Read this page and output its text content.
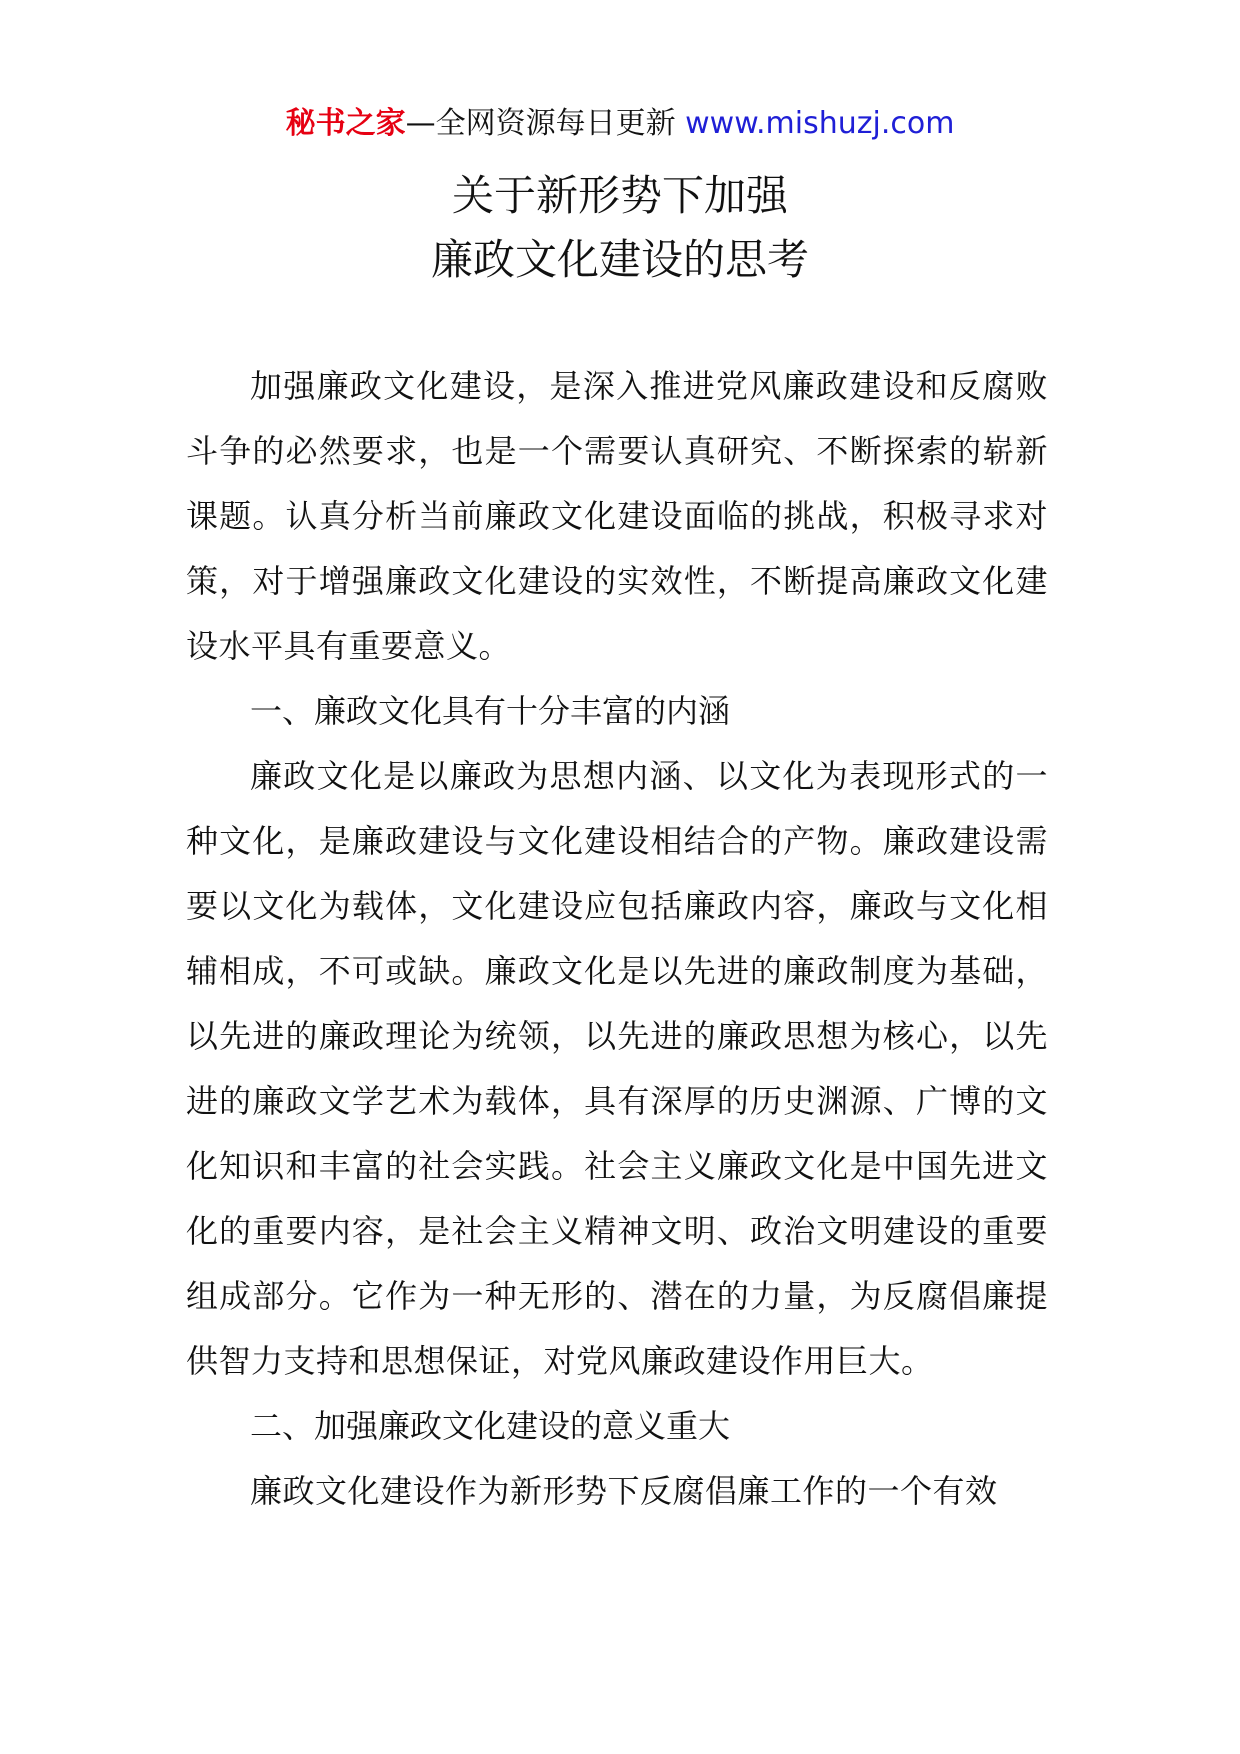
秘书之家—全网资源每日更新 www.mishuzj.com
关于新形势下加强
廉政文化建设的思考

加强廉政文化建设，是深入推进党风廉政建设和反腐败斗争的必然要求，也是一个需要认真研究、不断探索的崭新课题。认真分析当前廉政文化建设面临的挑战，积极寻求对策，对于增强廉政文化建设的实效性，不断提高廉政文化建设水平具有重要意义。

一、廉政文化具有十分丰富的内涵

廉政文化是以廉政为思想内涵、以文化为表现形式的一种文化，是廉政建设与文化建设相结合的产物。廉政建设需要以文化为载体，文化建设应包括廉政内容，廉政与文化相辅相成，不可或缺。廉政文化是以先进的廉政制度为基础，以先进的廉政理论为统领，以先进的廉政思想为核心，以先进的廉政文学艺术为载体，具有深厚的历史渊源、广博的文化知识和丰富的社会实践。社会主义廉政文化是中国先进文化的重要内容，是社会主义精神文明、政治文明建设的重要组成部分。它作为一种无形的、潜在的力量，为反腐倡廉提供智力支持和思想保证，对党风廉政建设作用巨大。

二、加强廉政文化建设的意义重大

廉政文化建设作为新形势下反腐倡廉工作的一个有效
